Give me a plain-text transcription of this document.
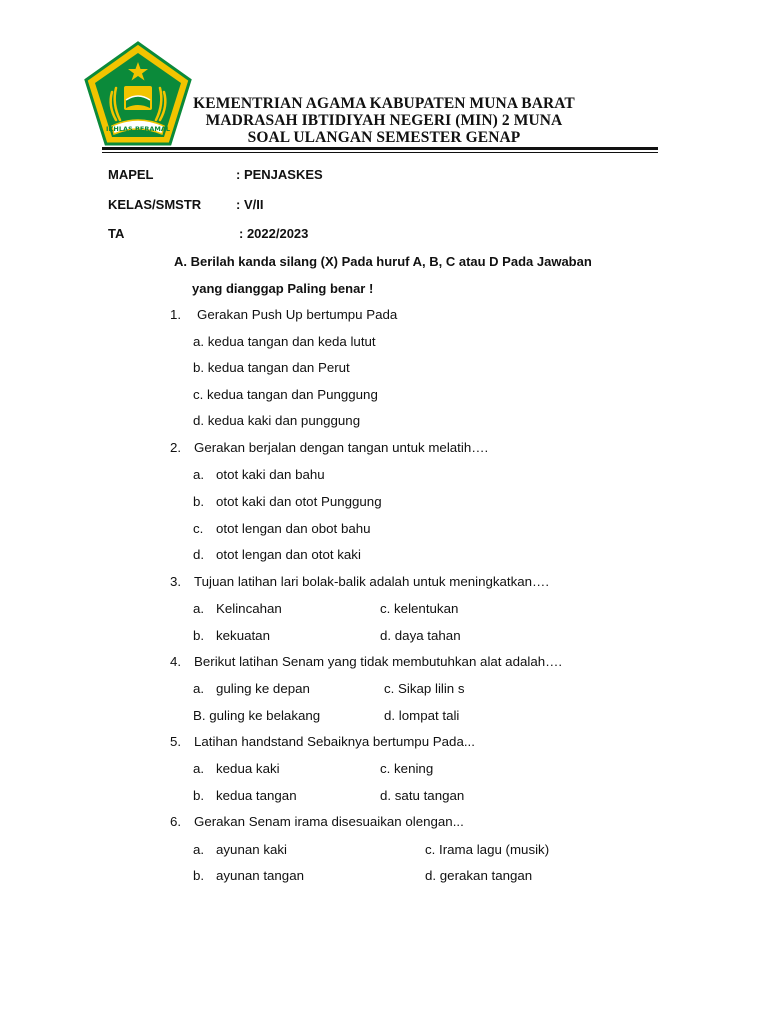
IKHLAS BERAMAL
KEMENTRIAN AGAMA KABUPATEN MUNA BARAT
MADRASAH IBTIDIYAH NEGERI (MIN) 2 MUNA
SOAL ULANGAN SEMESTER GENAP
MAPEL	: PENJASKES
KELAS/SMSTR	: V/II
TA	: 2022/2023
A. Berilah kanda silang (X) Pada huruf A, B, C atau D Pada Jawaban
yang dianggap Paling benar !
1. Gerakan Push Up bertumpu Pada
a. kedua tangan dan keda lutut
b. kedua tangan dan Perut
c. kedua tangan dan Punggung
d. kedua kaki dan punggung
2. Gerakan berjalan dengan tangan untuk melatih….
a. otot kaki dan bahu
b. otot kaki dan otot Punggung
c. otot lengan dan obot bahu
d. otot lengan dan otot kaki
3. Tujuan latihan lari bolak-balik adalah untuk meningkatkan….
a. Kelincahan	c. kelentukan
b. kekuatan	d. daya tahan
4. Berikut latihan Senam yang tidak membutuhkan alat adalah….
a. guling ke depan	c. Sikap lilin s
B. guling ke belakang	d. lompat tali
5. Latihan handstand Sebaiknya bertumpu Pada...
a. kedua kaki	c. kening
b. kedua tangan	d. satu tangan
6. Gerakan Senam irama disesuaikan olengan...
a. ayunan kaki	c. Irama lagu (musik)
b. ayunan tangan	d. gerakan tangan
